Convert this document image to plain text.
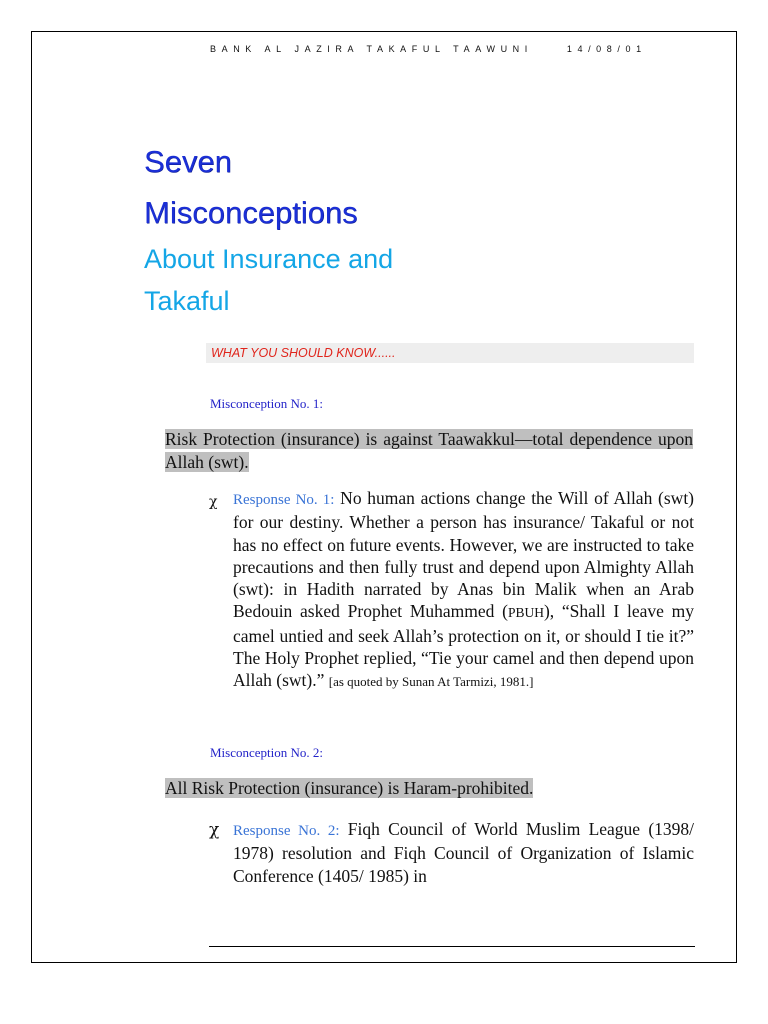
BANK AL JAZIRA TAKAFUL TAAWUNI	14/08/01
Seven
Misconceptions
About Insurance and
Takaful
WHAT YOU SHOULD KNOW......
Misconception No. 1:
Risk Protection (insurance) is against Taawakkul—total dependence upon Allah (swt).
χ Response No. 1: No human actions change the Will of Allah (swt) for our destiny. Whether a person has insurance/ Takaful or not has no effect on future events. However, we are instructed to take precautions and then fully trust and depend upon Almighty Allah (swt): in Hadith narrated by Anas bin Malik when an Arab Bedouin asked Prophet Muhammed (PBUH), “Shall I leave my camel untied and seek Allah’s protection on it, or should I tie it?” The Holy Prophet replied, “Tie your camel and then depend upon Allah (swt).” [as quoted by Sunan At Tarmizi, 1981.]
Misconception No. 2:
All Risk Protection (insurance) is Haram-prohibited.
χ Response No. 2: Fiqh Council of World Muslim League (1398/ 1978) resolution and Fiqh Council of Organization of Islamic Conference (1405/ 1985) in
